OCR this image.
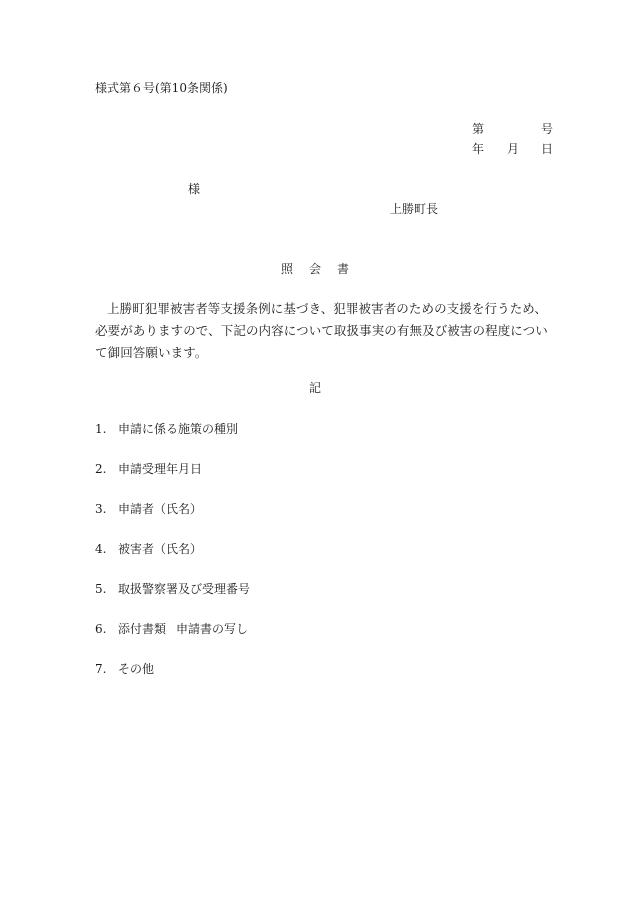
様式第６号(第10条関係)
第	号
年 月 日
様
上勝町長
照 会 書
上勝町犯罪被害者等支援条例に基づき、犯罪被害者のための支援を行うため、必要がありますので、下記の内容について取扱事実の有無及び被害の程度について御回答願います。
記
1. 申請に係る施策の種別
2. 申請受理年月日
3. 申請者（氏名）
4. 被害者（氏名）
5. 取扱警察署及び受理番号
6. 添付書類 申請書の写し
7. その他
